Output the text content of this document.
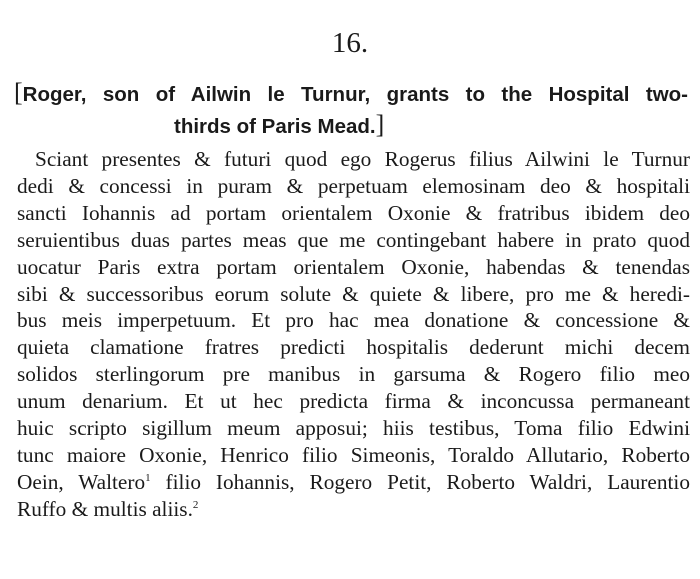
16.
[Roger, son of Ailwin le Turnur, grants to the Hospital two-
thirds of Paris Mead.]
Sciant presentes & futuri quod ego Rogerus filius Ailwini le Turnur
dedi & concessi in puram & perpetuam elemosinam deo & hospitali
sancti Iohannis ad portam orientalem Oxonie & fratribus ibidem deo
seruientibus duas partes meas que me contingebant habere in prato quod
uocatur Paris extra portam orientalem Oxonie, habendas & tenendas
sibi & successoribus eorum solute & quiete & libere, pro me & heredi-
bus meis imperpetuum. Et pro hac mea donatione & concessione &
quieta clamatione fratres predicti hospitalis dederunt michi decem
solidos sterlingorum pre manibus in garsuma & Rogero filio meo
unum denarium. Et ut hec predicta firma & inconcussa permaneant
huic scripto sigillum meum apposui; hiis testibus, Toma filio Edwini
tunc maiore Oxonie, Henrico filio Simeonis, Toraldo Allutario, Roberto
Oein, Waltero$^1$ filio Iohannis, Rogero Petit, Roberto Waldri, Laurentio
Ruffo & multis aliis.$^2$
